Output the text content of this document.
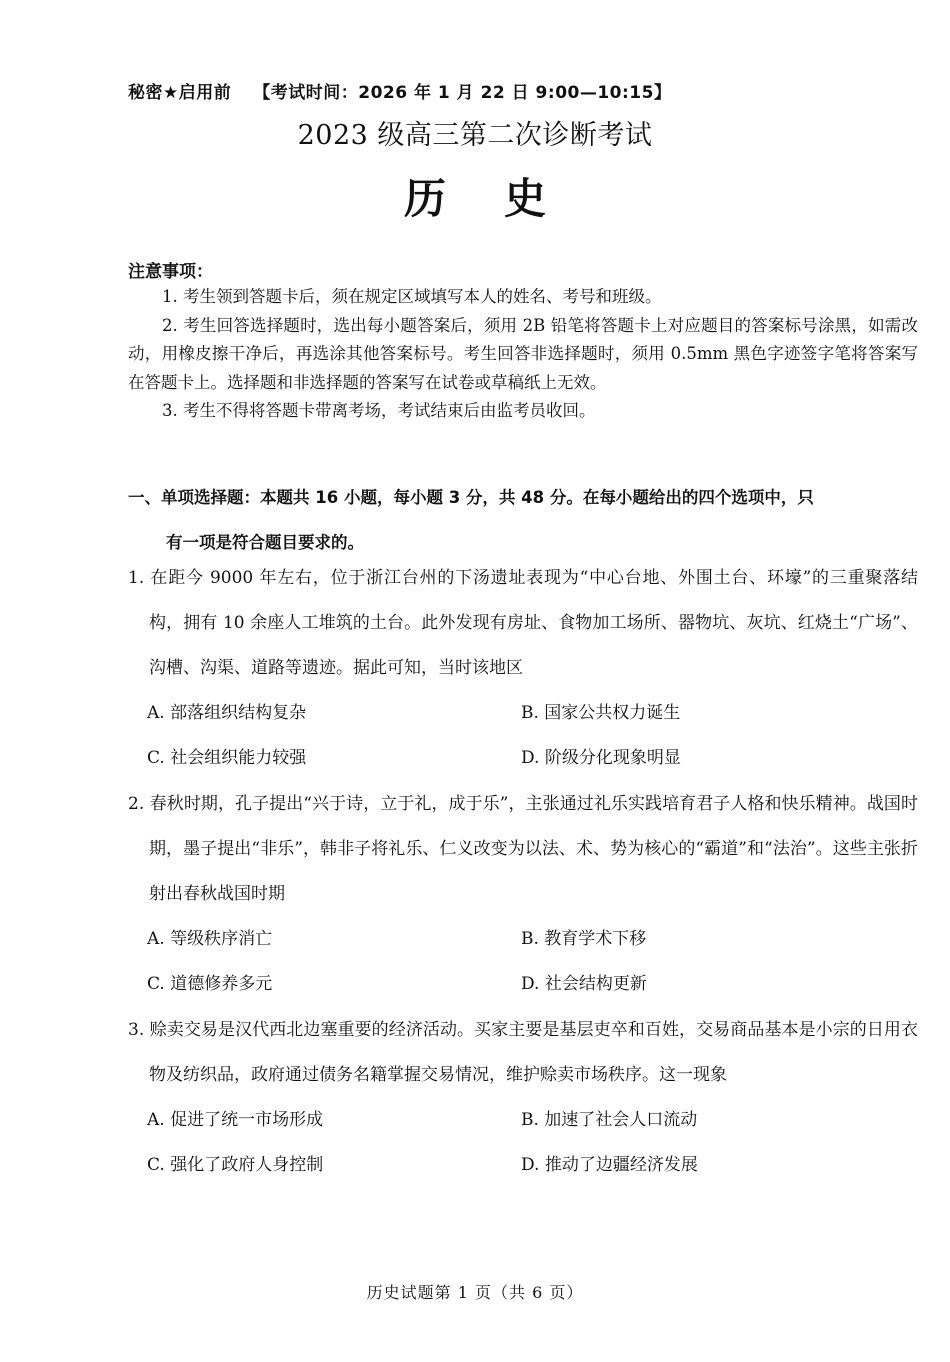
秘密★启用前 【考试时间：2026 年 1 月 22 日 9:00—10:15】
2023 级高三第二次诊断考试
历史
注意事项：

1. 考生领到答题卡后，须在规定区域填写本人的姓名、考号和班级。

2. 考生回答选择题时，选出每小题答案后，须用 2B 铅笔将答题卡上对应题目的答案标号涂黑，如需改动，用橡皮擦干净后，再选涂其他答案标号。考生回答非选择题时，须用 0.5mm 黑色字迹签字笔将答案写在答题卡上。选择题和非选择题的答案写在试卷或草稿纸上无效。

3. 考生不得将答题卡带离考场，考试结束后由监考员收回。

一、单项选择题：本题共 16 小题，每小题 3 分，共 48 分。在每小题给出的四个选项中，只
有一项是符合题目要求的。
1. 在距今 9000 年左右，位于浙江台州的下汤遗址表现为“中心台地、外围土台、环壕”的三重聚落结构，拥有 10 余座人工堆筑的土台。此外发现有房址、食物加工场所、器物坑、灰坑、红烧土“广场”、沟槽、沟渠、道路等遗迹。据此可知，当时该地区
A. 部落组织结构复杂	B. 国家公共权力诞生
C. 社会组织能力较强	D. 阶级分化现象明显
2. 春秋时期，孔子提出“兴于诗，立于礼，成于乐”，主张通过礼乐实践培育君子人格和快乐精神。战国时期，墨子提出“非乐”，韩非子将礼乐、仁义改变为以法、术、势为核心的“霸道”和“法治”。这些主张折射出春秋战国时期
A. 等级秩序消亡	B. 教育学术下移
C. 道德修养多元	D. 社会结构更新
3. 赊卖交易是汉代西北边塞重要的经济活动。买家主要是基层吏卒和百姓，交易商品基本是小宗的日用衣物及纺织品，政府通过债务名籍掌握交易情况，维护赊卖市场秩序。这一现象
A. 促进了统一市场形成	B. 加速了社会人口流动
C. 强化了政府人身控制	D. 推动了边疆经济发展
历史试题第 1 页（共 6 页）
